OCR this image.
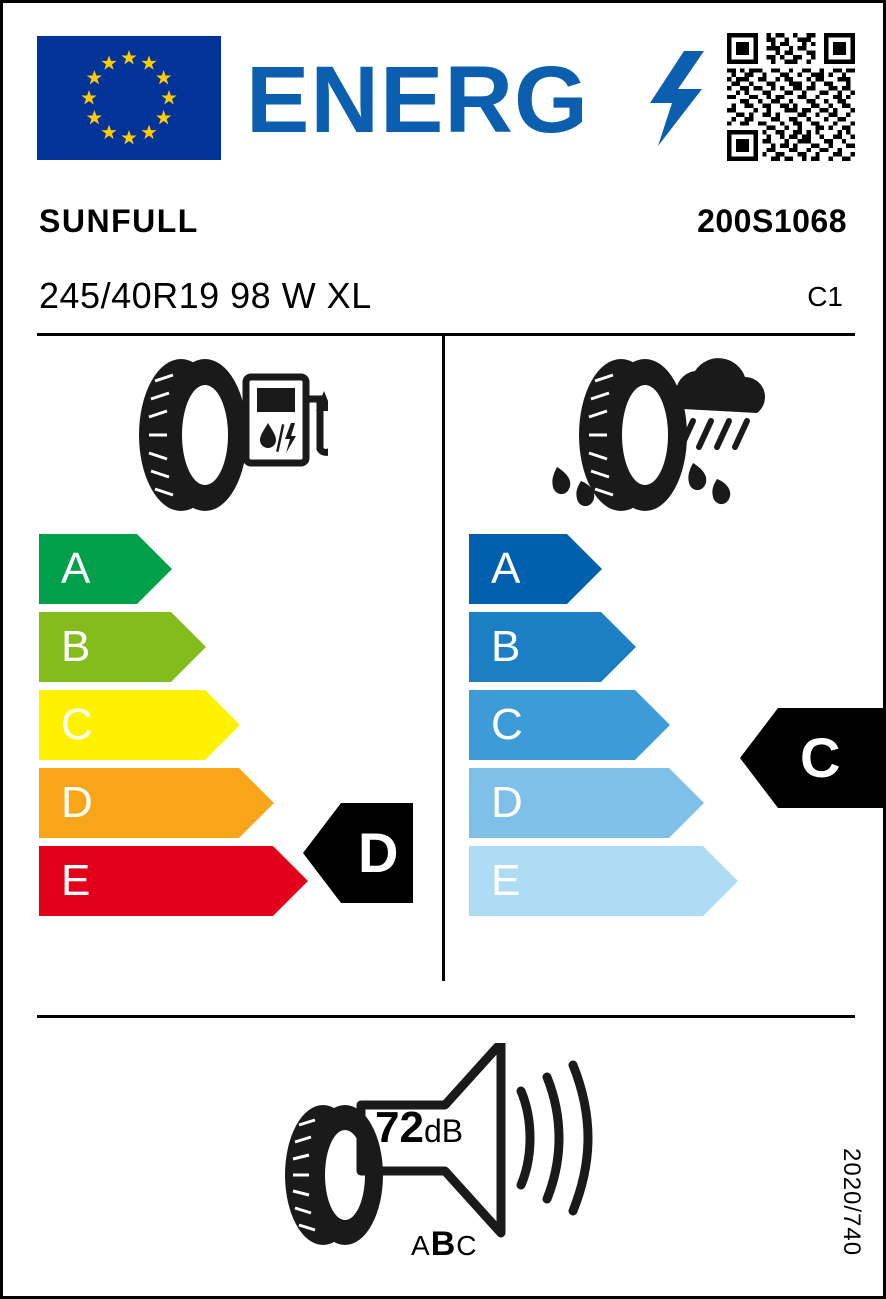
ENERG
SUNFULL	200S1068
245/40R19 98 W XL	C1
A
B
C
D
E
A
B
C
D
E
D
C
72dB
ABC	2020/740
